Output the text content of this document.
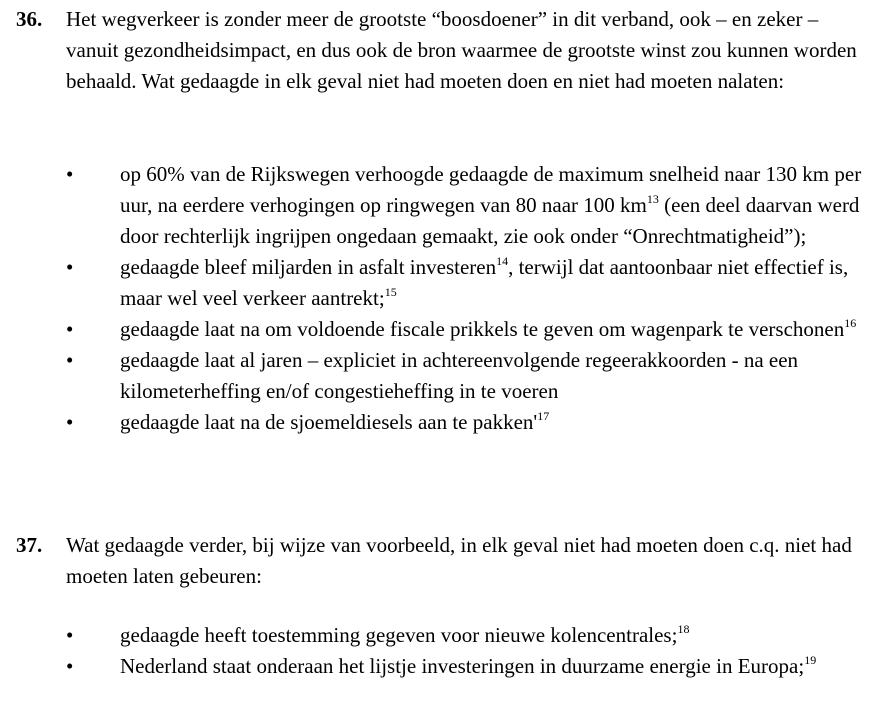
36. Het wegverkeer is zonder meer de grootste “boosdoener” in dit verband, ook – en zeker – vanuit gezondheidsimpact, en dus ook de bron waarmee de grootste winst zou kunnen worden behaald. Wat gedaagde in elk geval niet had moeten doen en niet had moeten nalaten:

• op 60% van de Rijkswegen verhoogde gedaagde de maximum snelheid naar 130 km per uur, na eerdere verhogingen op ringwegen van 80 naar 100 $km^{13}$ (een deel daarvan werd door rechterlijk ingrijpen ongedaan gemaakt, zie ook onder “Onrechtmatigheid”);
• gedaagde bleef miljarden in asfalt investeren$^{14}$, terwijl dat aantoonbaar niet effectief is, maar wel veel verkeer aantrekt;$^{15}$
• gedaagde laat na om voldoende fiscale prikkels te geven om wagenpark te verschonen$^{16}$
• gedaagde laat al jaren – expliciet in achtereenvolgende regeerakkoorden - na een kilometerheffing en/of congestieheffing in te voeren
• gedaagde laat na de sjoemeldiesels aan te $pakken'^{17}$
37. Wat gedaagde verder, bij wijze van voorbeeld, in elk geval niet had moeten doen c.q. niet had moeten laten gebeuren:

• gedaagde heeft toestemming gegeven voor nieuwe kolencentrales;$^{18}$
• Nederland staat onderaan het lijstje investeringen in duurzame energie in Europa;$^{19}$
